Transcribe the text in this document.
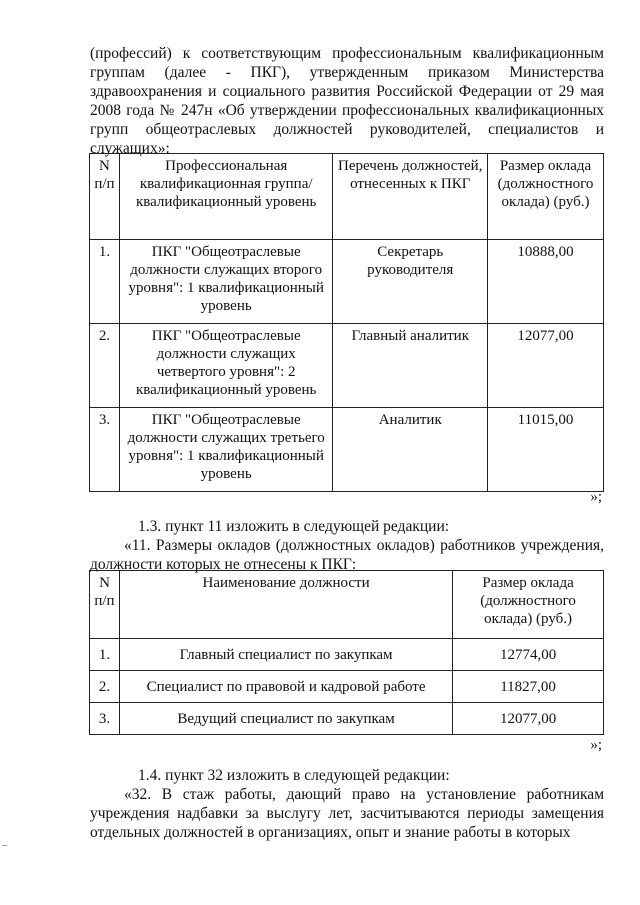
(профессий) к соответствующим профессиональным квалификационным группам (далее - ПКГ), утвержденным приказом Министерства здравоохранения и социального развития Российской Федерации от 29 мая 2008 года № 247н «Об утверждении профессиональных квалификационных групп общеотраслевых должностей руководителей, специалистов и служащих»:
N п/п	Профессиональная квалификационная группа/квалификационный уровень	Перечень должностей, отнесенных к ПКГ	Размер оклада (должностного оклада) (руб.)
1.	ПКГ "Общеотраслевые должности служащих второго уровня": 1 квалификационный уровень	Секретарь руководителя	10888,00
2.	ПКГ "Общеотраслевые должности служащих четвертого уровня": 2 квалификационный уровень	Главный аналитик	12077,00
3.	ПКГ "Общеотраслевые должности служащих третьего уровня": 1 квалификационный уровень	Аналитик	11015,00
»;
1.3. пункт 11 изложить в следующей редакции:
«11. Размеры окладов (должностных окладов) работников учреждения, должности которых не отнесены к ПКГ:
N п/п	Наименование должности	Размер оклада (должностного оклада) (руб.)
1.	Главный специалист по закупкам	12774,00
2.	Специалист по правовой и кадровой работе	11827,00
3.	Ведущий специалист по закупкам	12077,00
»;
1.4. пункт 32 изложить в следующей редакции:
«32. В стаж работы, дающий право на установление работникам учреждения надбавки за выслугу лет, засчитываются периоды замещения отдельных должностей в организациях, опыт и знание работы в которых
–
